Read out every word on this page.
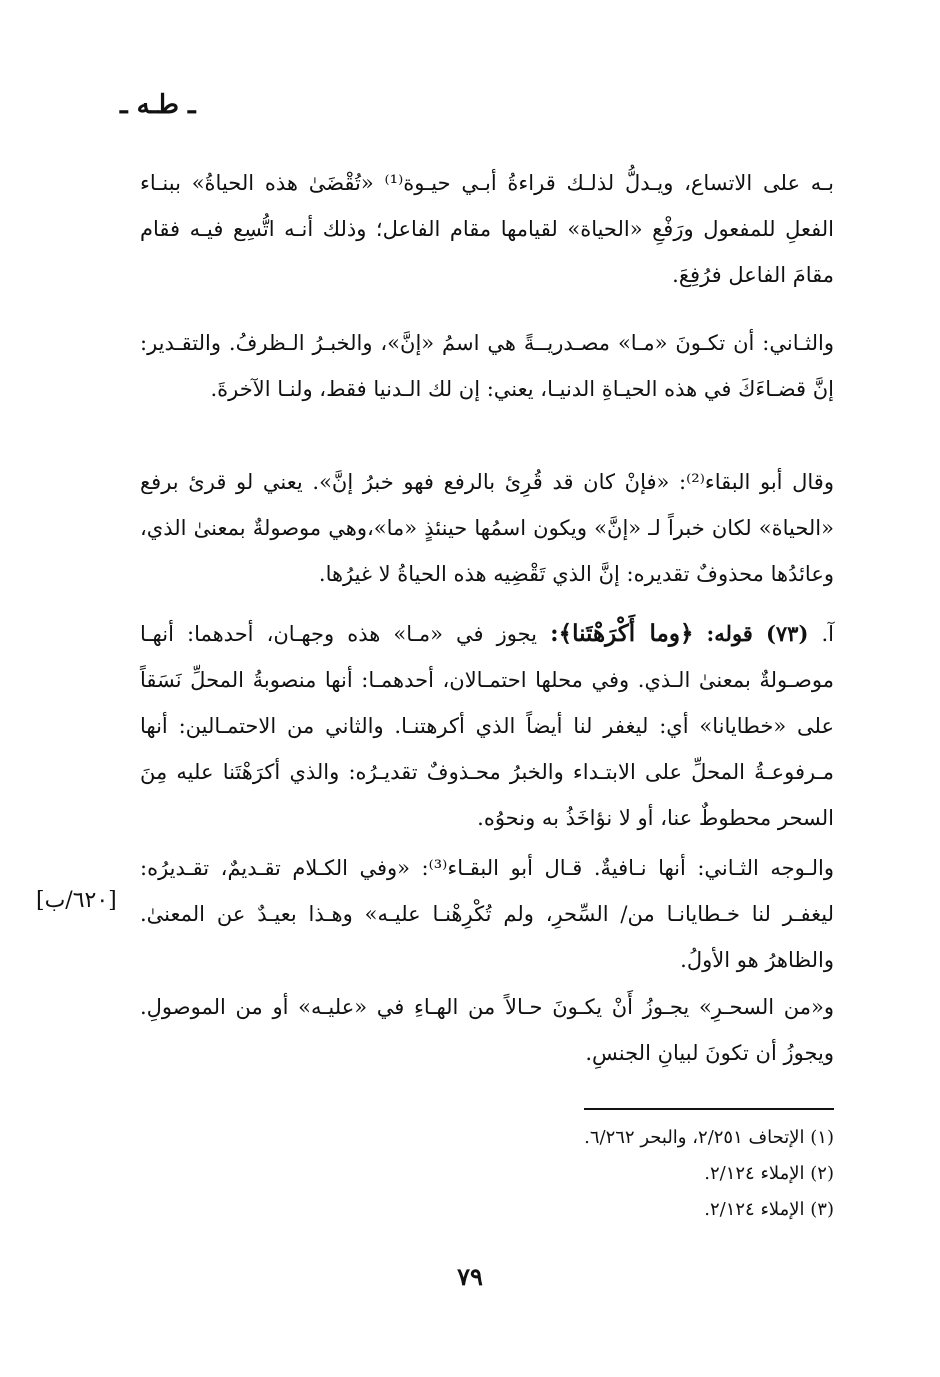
ـ طـه ـ

بـه على الاتساع، ويـدلُّ لذلـك قراءةُ أبـي حيـوة⁽¹⁾ «تُقْضَىٰ هذه الحياةُ» ببنـاء الفعلِ للمفعول ورَفْعِ «الحياة» لقيامها مقام الفاعل؛ وذلك أنـه اتُّسِع فيـه فقام مقامَ الفاعل فرُفِعَ.

والثـاني: أن تكـونَ «مـا» مصـدريــةً هي اسمُ «إنَّ»، والخبـرُ الـظرفُ. والتقـدير: إنَّ قضـاءَكَ في هذه الحيـاةِ الدنيـا، يعني: إن لك الـدنيا فقط، ولنـا الآخرةَ.

وقال أبو البقاء⁽²⁾: «فإنْ كان قد قُرِئ بالرفع فهو خبرُ إنَّ». يعني لو قرئ برفع «الحياة» لكان خبراً لـ «إنَّ» ويكون اسمُها حينئذٍ «ما»،وهي موصولةٌ بمعنىٰ الذي، وعائدُها محذوفٌ تقديره: إنَّ الذي تَقْضِيه هذه الحياةُ لا غيرُها.

آ. (٧٣) قوله: ﴿وما أَكْرَهْتَنا﴾: يجوز في «مـا» هذه وجهـان، أحدهما: أنهـا موصـولةٌ بمعنىٰ الـذي. وفي محلها احتمـالان، أحدهمـا: أنها منصوبةُ المحلِّ نَسَقاً على «خطايانا» أي: ليغفر لنا أيضاً الذي أكرهتنـا. والثاني من الاحتمـالين: أنها مـرفوعـةُ المحلِّ على الابتـداء والخبرُ محـذوفٌ تقديـرُه: والذي أكرَهْتَنا عليه مِنَ السحر محطوطٌ عنا، أو لا نؤاخَذُ به ونحوُه.

والـوجه الثـاني: أنها نـافيةٌ. قـال أبو البقـاء⁽³⁾: «وفي الكـلام تقـديمٌ، تقـديرُه: ليغفـر لنا خـطايانـا من/ السِّحرِ، ولم تُكْرِهْنـا عليـه» وهـذا بعيـدٌ عن المعنىٰ. والظاهرُ هو الأولُ.

[٦٢٠/ب]

و«من السحـرِ» يجـوزُ أَنْ يكـونَ حـالاً من الهـاءِ في «عليـه» أو من الموصولِ. ويجوزُ أن تكونَ لبيانِ الجنسِ.

(١) الإتحاف ٢/٢٥١، والبحر ٦/٢٦٢.
(٢) الإملاء ٢/١٢٤.
(٣) الإملاء ٢/١٢٤.
٧٩
